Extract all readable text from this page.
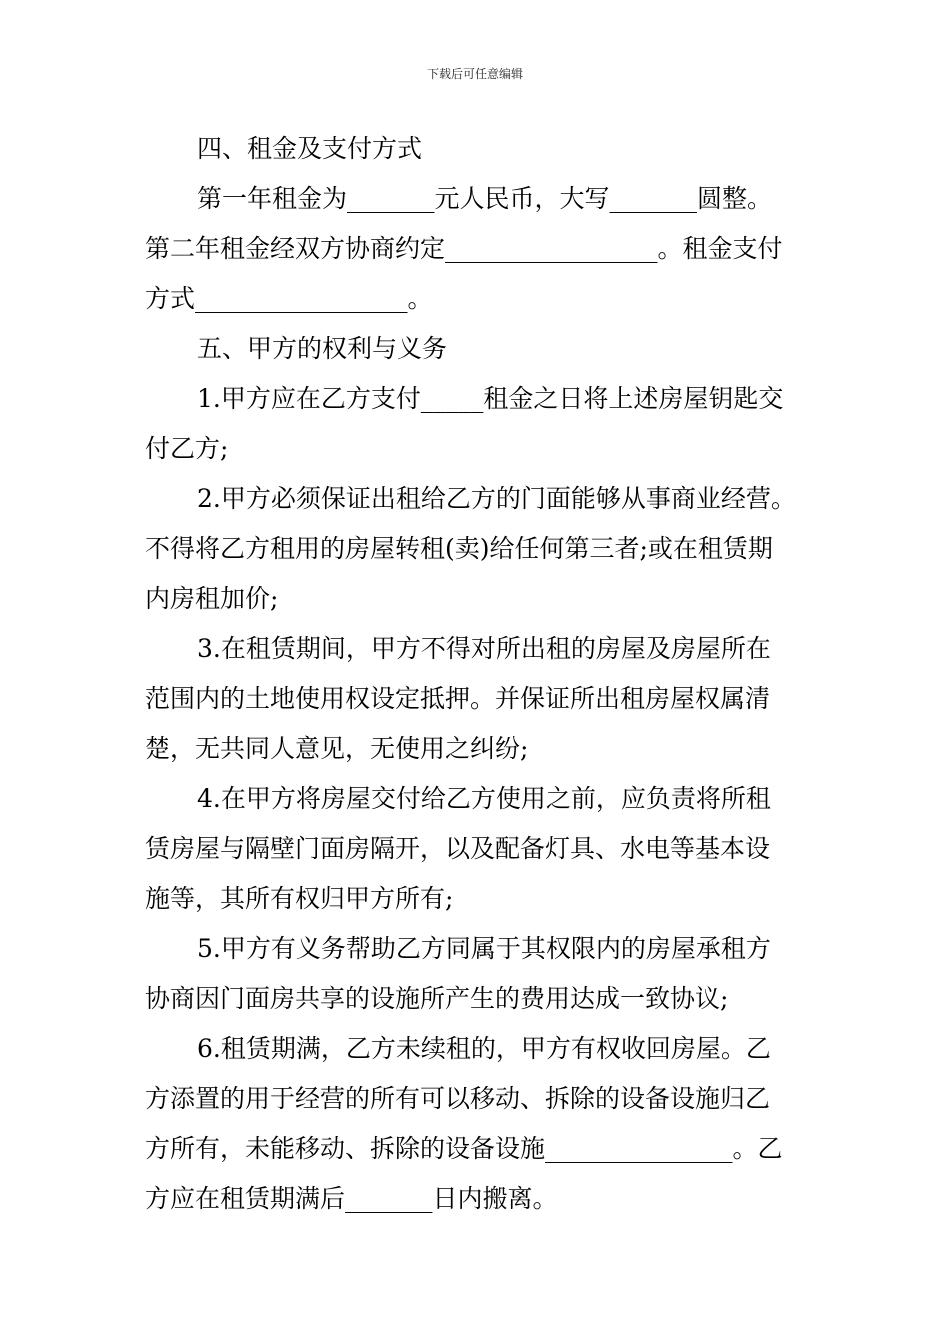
下载后可任意编辑
四、租金及支付方式
第一年租金为_______元人民币，大写_______圆整。
第二年租金经双方协商约定_________________。租金支付
方式_________________。
五、甲方的权利与义务
1.甲方应在乙方支付_____租金之日将上述房屋钥匙交
付乙方;
2.甲方必须保证出租给乙方的门面能够从事商业经营。
不得将乙方租用的房屋转租(卖)给任何第三者;或在租赁期
内房租加价;
3.在租赁期间，甲方不得对所出租的房屋及房屋所在
范围内的土地使用权设定抵押。并保证所出租房屋权属清
楚，无共同人意见，无使用之纠纷;
4.在甲方将房屋交付给乙方使用之前，应负责将所租
赁房屋与隔壁门面房隔开，以及配备灯具、水电等基本设
施等，其所有权归甲方所有;
5.甲方有义务帮助乙方同属于其权限内的房屋承租方
协商因门面房共享的设施所产生的费用达成一致协议;
6.租赁期满，乙方未续租的，甲方有权收回房屋。乙
方添置的用于经营的所有可以移动、拆除的设备设施归乙
方所有，未能移动、拆除的设备设施_______________。乙
方应在租赁期满后_______日内搬离。
